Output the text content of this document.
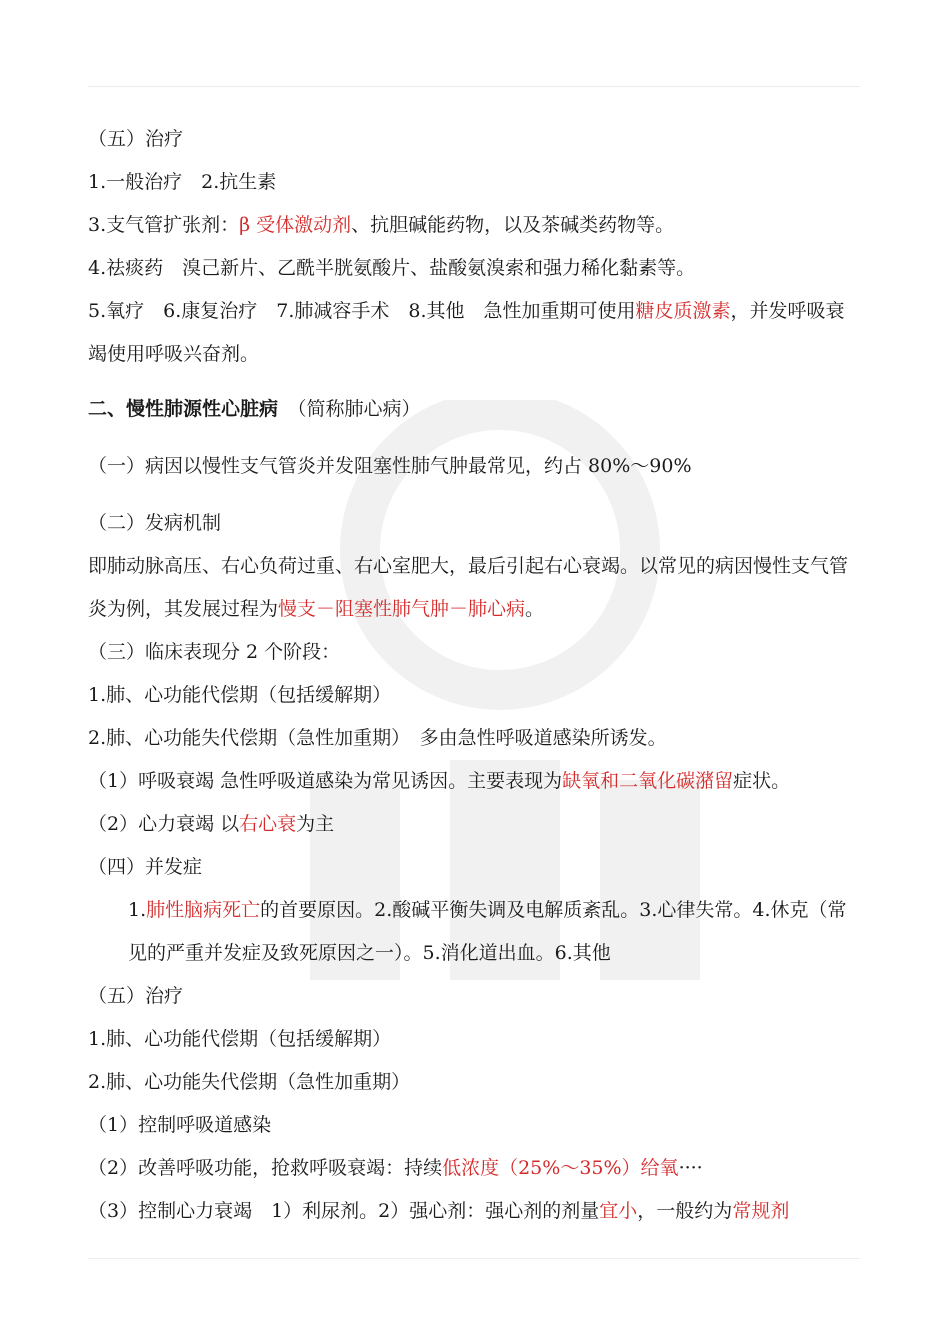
（五）治疗
1.一般治疗　2.抗生素
3.支气管扩张剂：β 受体激动剂、抗胆碱能药物，以及茶碱类药物等。
4.祛痰药　溴己新片、乙酰半胱氨酸片、盐酸氨溴索和强力稀化黏素等。
5.氧疗　6.康复治疗　7.肺减容手术　8.其他　急性加重期可使用糖皮质激素，并发呼吸衰竭使用呼吸兴奋剂。
二、慢性肺源性心脏病　 （简称肺心病）
（一）病因以慢性支气管炎并发阻塞性肺气肿最常见，约占 80%～90%
（二）发病机制
即肺动脉高压、右心负荷过重、右心室肥大，最后引起右心衰竭。以常见的病因慢性支气管炎为例，其发展过程为慢支－阻塞性肺气肿－肺心病。
（三）临床表现分 2 个阶段：
1.肺、心功能代偿期（包括缓解期）
2.肺、心功能失代偿期（急性加重期）　多由急性呼吸道感染所诱发。
（1）呼吸衰竭 急性呼吸道感染为常见诱因。主要表现为缺氧和二氧化碳潴留症状。
（2）心力衰竭 以右心衰为主
（四）并发症
1.肺性脑病死亡的首要原因。2.酸碱平衡失调及电解质紊乱。3.心律失常。4.休克（常见的严重并发症及致死原因之一）。5.消化道出血。6.其他
（五）治疗
1.肺、心功能代偿期（包括缓解期）
2.肺、心功能失代偿期（急性加重期）
（1）控制呼吸道感染
（2）改善呼吸功能，抢救呼吸衰竭：持续低浓度（25%～35%）给氧····
（3）控制心力衰竭　1）利尿剂。2）强心剂：强心剂的剂量宜小，一般约为常规剂
